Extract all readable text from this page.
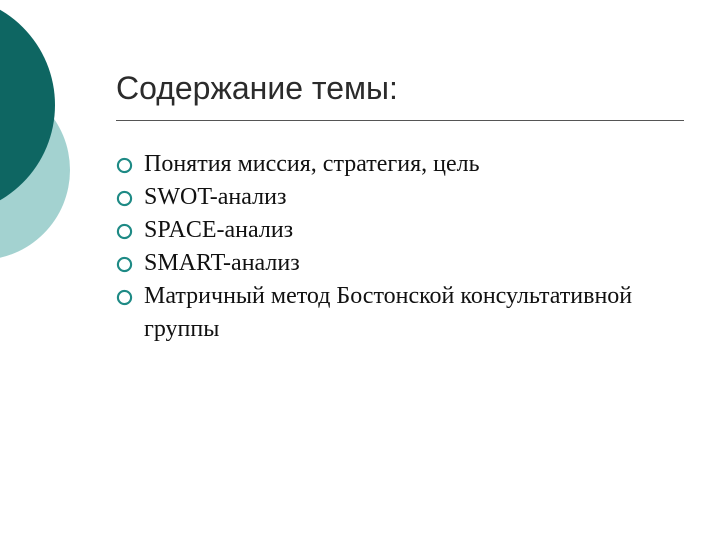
Содержание темы:
Понятия миссия, стратегия, цель
SWOT-анализ
SPACE-анализ
SMART-анализ
Матричный метод Бостонской консультативной группы
